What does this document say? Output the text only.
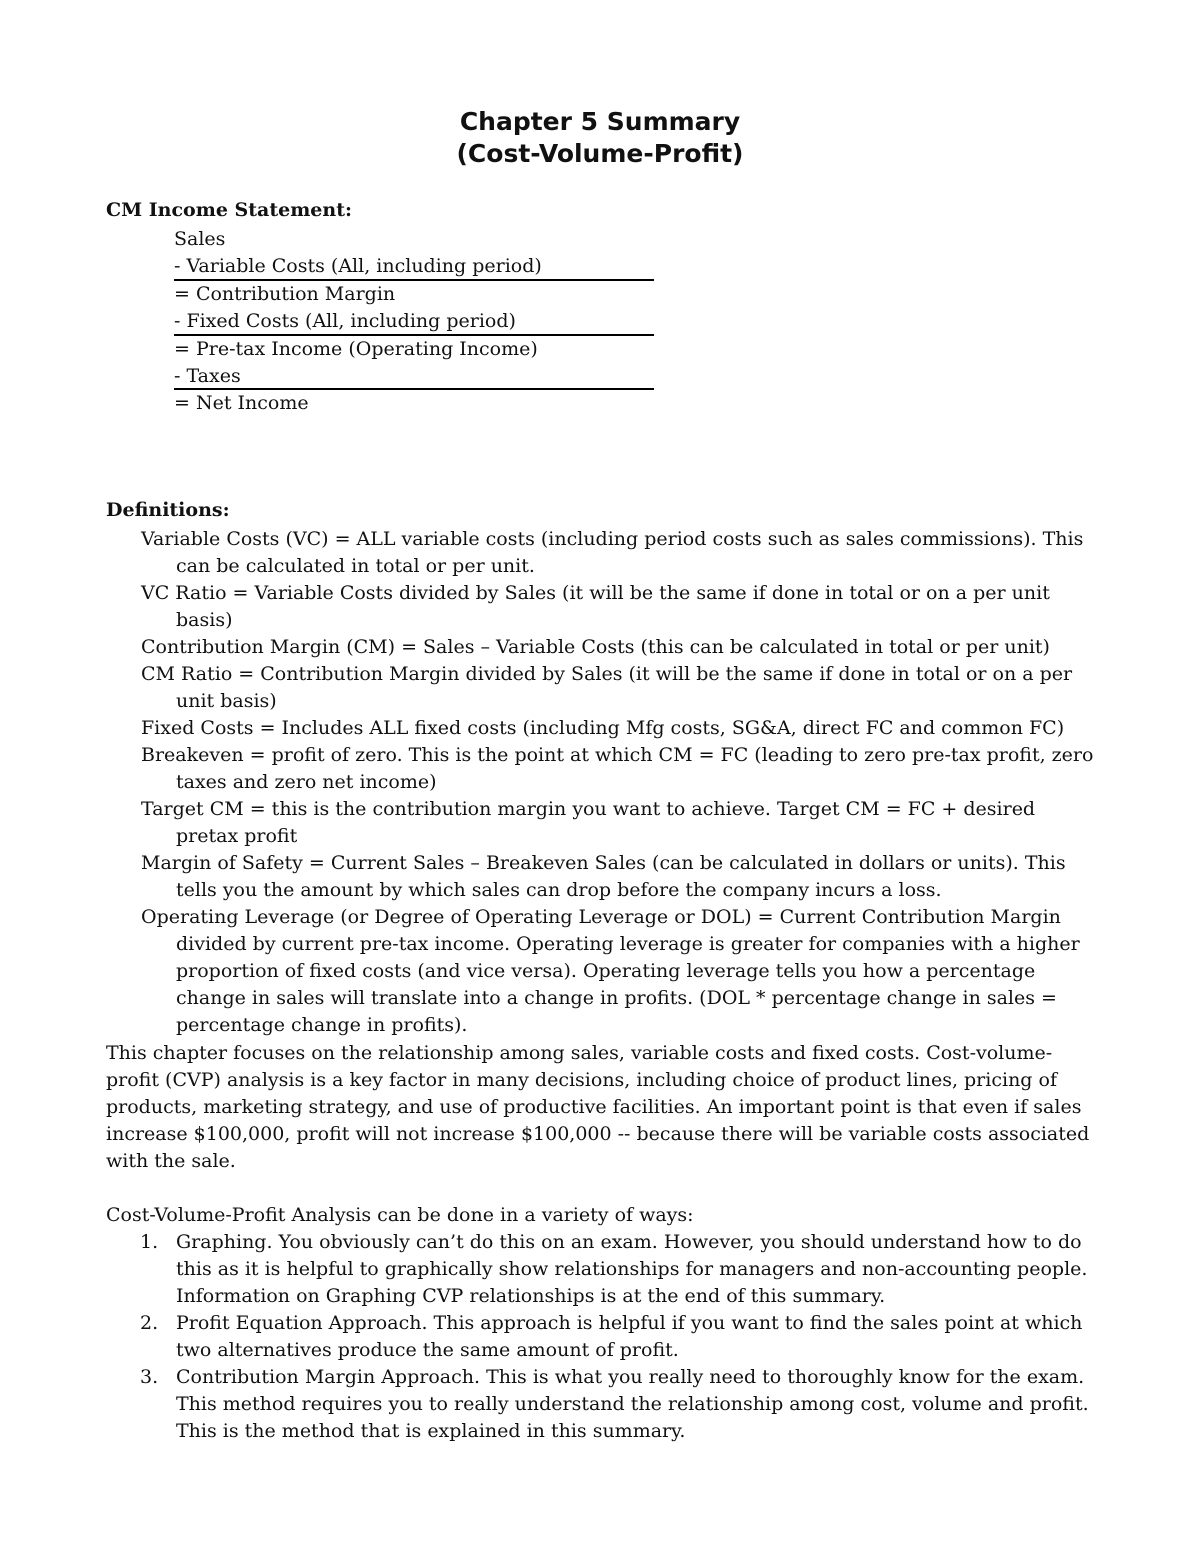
Chapter 5 Summary
(Cost-Volume-Profit)
CM Income Statement:
Sales
- Variable Costs (All, including period)
= Contribution Margin
- Fixed Costs (All, including period)
= Pre-tax Income (Operating Income)
- Taxes
= Net Income
Definitions:
Variable Costs (VC) = ALL variable costs (including period costs such as sales commissions). This can be calculated in total or per unit.
VC Ratio = Variable Costs divided by Sales (it will be the same if done in total or on a per unit basis)
Contribution Margin (CM) = Sales – Variable Costs (this can be calculated in total or per unit)
CM Ratio = Contribution Margin divided by Sales (it will be the same if done in total or on a per unit basis)
Fixed Costs = Includes ALL fixed costs (including Mfg costs, SG&A, direct FC and common FC)
Breakeven = profit of zero. This is the point at which CM = FC (leading to zero pre-tax profit, zero taxes and zero net income)
Target CM = this is the contribution margin you want to achieve. Target CM = FC + desired pretax profit
Margin of Safety = Current Sales – Breakeven Sales (can be calculated in dollars or units). This tells you the amount by which sales can drop before the company incurs a loss.
Operating Leverage (or Degree of Operating Leverage or DOL) = Current Contribution Margin divided by current pre-tax income. Operating leverage is greater for companies with a higher proportion of fixed costs (and vice versa). Operating leverage tells you how a percentage change in sales will translate into a change in profits. (DOL * percentage change in sales = percentage change in profits).

This chapter focuses on the relationship among sales, variable costs and fixed costs. Cost-volume-profit (CVP) analysis is a key factor in many decisions, including choice of product lines, pricing of products, marketing strategy, and use of productive facilities. An important point is that even if sales increase $100,000, profit will not increase $100,000 -- because there will be variable costs associated with the sale.

Cost-Volume-Profit Analysis can be done in a variety of ways:
1. Graphing. You obviously can’t do this on an exam. However, you should understand how to do this as it is helpful to graphically show relationships for managers and non-accounting people. Information on Graphing CVP relationships is at the end of this summary.
2. Profit Equation Approach. This approach is helpful if you want to find the sales point at which two alternatives produce the same amount of profit.
3. Contribution Margin Approach. This is what you really need to thoroughly know for the exam. This method requires you to really understand the relationship among cost, volume and profit. This is the method that is explained in this summary.
